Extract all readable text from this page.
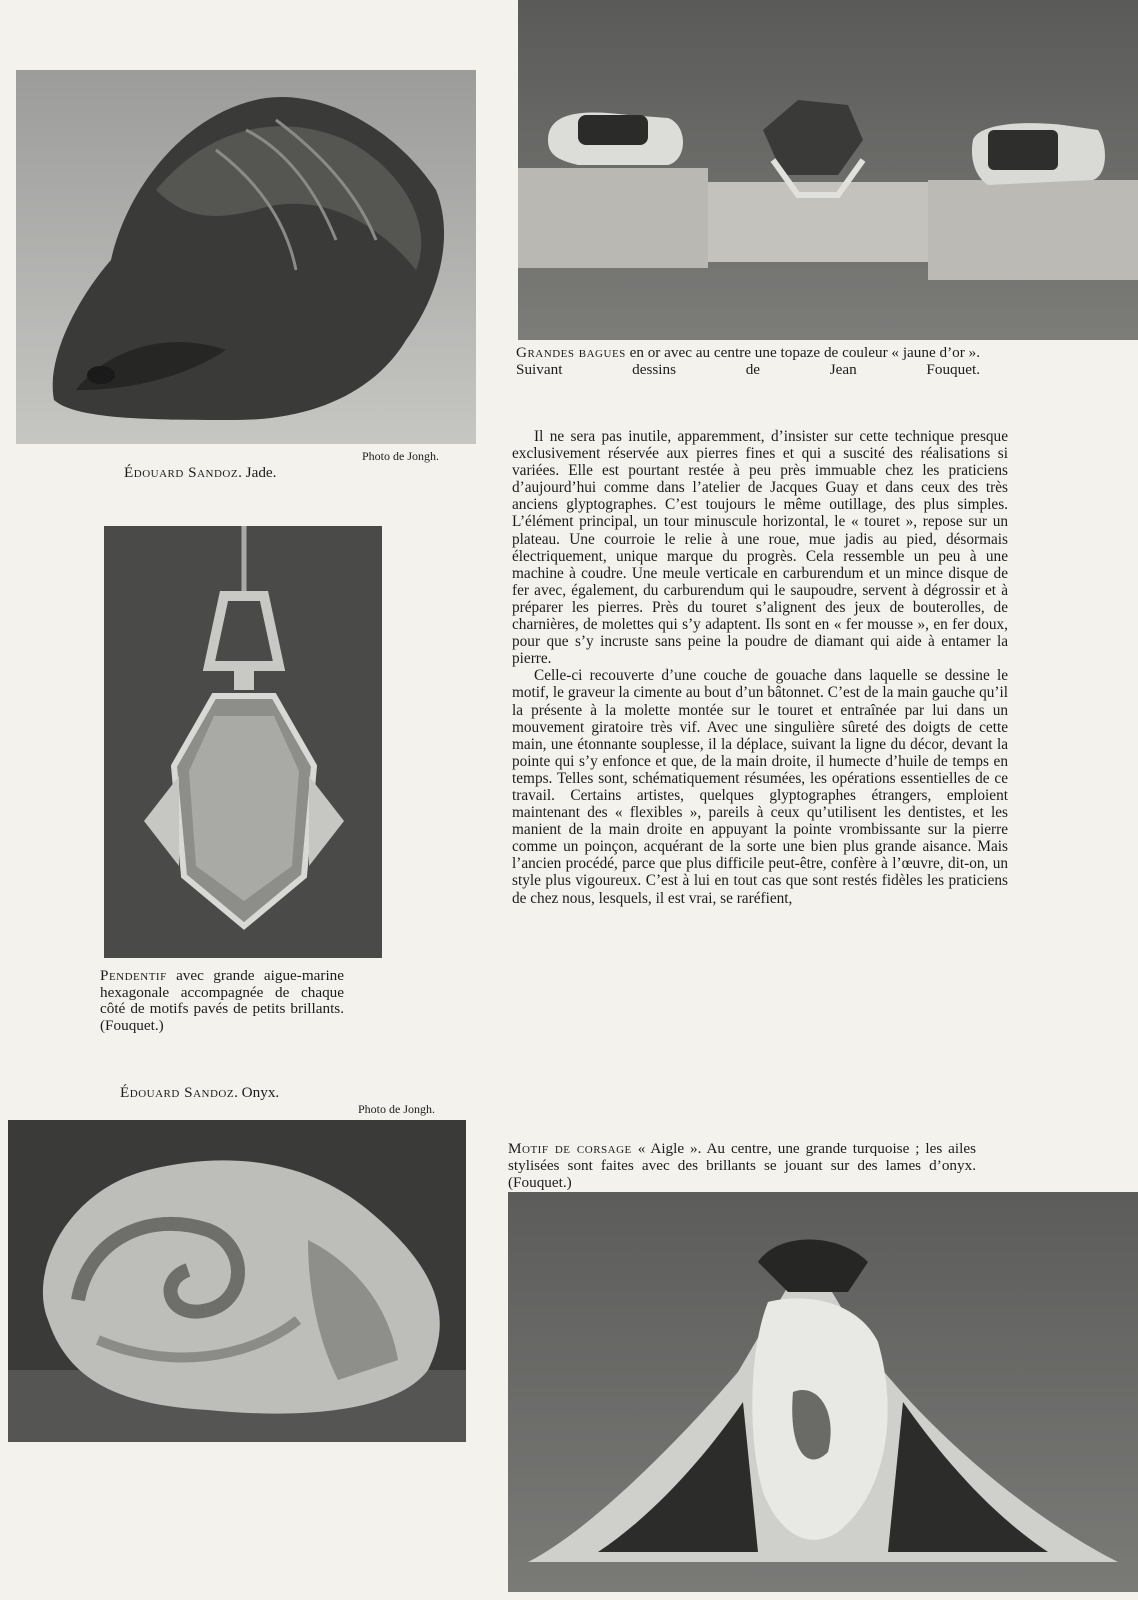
Grandes bagues en or avec au centre une topaze de couleur « jaune d’or ». Suivant dessins de Jean Fouquet.
Photo de Jongh.
Édouard Sandoz. Jade.
Pendentif avec grande aigue-marine hexagonale accompagnée de chaque côté de motifs pavés de petits brillants. (Fouquet.)
Édouard Sandoz. Onyx.
Photo de Jongh.

Il ne sera pas inutile, apparemment, d’insister sur cette technique presque exclusivement réservée aux pierres fines et qui a suscité des réalisations si variées. Elle est pourtant restée à peu près immuable chez les praticiens d’aujourd’hui comme dans l’atelier de Jacques Guay et dans ceux des très anciens glyptographes. C’est toujours le même outillage, des plus simples. L’élément principal, un tour minuscule horizontal, le « touret », repose sur un plateau. Une courroie le relie à une roue, mue jadis au pied, désormais électriquement, unique marque du progrès. Cela ressemble un peu à une machine à coudre. Une meule verticale en carburendum et un mince disque de fer avec, également, du carburendum qui le saupoudre, servent à dégrossir et à préparer les pierres. Près du touret s’alignent des jeux de bouterolles, de charnières, de molettes qui s’y adaptent. Ils sont en « fer mousse », en fer doux, pour que s’y incruste sans peine la poudre de diamant qui aide à entamer la pierre.

Celle-ci recouverte d’une couche de gouache dans laquelle se dessine le motif, le graveur la cimente au bout d’un bâtonnet. C’est de la main gauche qu’il la présente à la molette montée sur le touret et entraînée par lui dans un mouvement giratoire très vif. Avec une singulière sûreté des doigts de cette main, une étonnante souplesse, il la déplace, suivant la ligne du décor, devant la pointe qui s’y enfonce et que, de la main droite, il humecte d’huile de temps en temps. Telles sont, schématiquement résumées, les opérations essentielles de ce travail. Certains artistes, quelques glyptographes étrangers, emploient maintenant des « flexibles », pareils à ceux qu’utilisent les dentistes, et les manient de la main droite en appuyant la pointe vrombissante sur la pierre comme un poinçon, acquérant de la sorte une bien plus grande aisance. Mais l’ancien procédé, parce que plus difficile peut-être, confère à l’œuvre, dit-on, un style plus vigoureux. C’est à lui en tout cas que sont restés fidèles les praticiens de chez nous, lesquels, il est vrai, se raréfient,

Motif de corsage « Aigle ». Au centre, une grande turquoise ; les ailes stylisées sont faites avec des brillants se jouant sur des lames d’onyx. (Fouquet.)
